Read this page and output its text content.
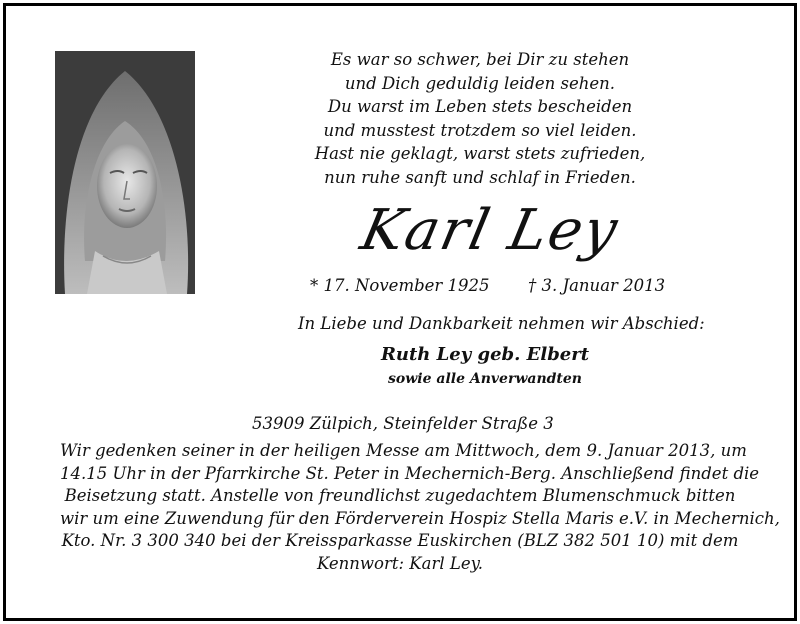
Es war so schwer, bei Dir zu stehen
und Dich geduldig leiden sehen.
Du warst im Leben stets bescheiden
und musstest trotzdem so viel leiden.
Hast nie geklagt, warst stets zufrieden,
nun ruhe sanft und schlaf in Frieden.
Karl Ley
* 17. November 1925 † 3. Januar 2013
In Liebe und Dankbarkeit nehmen wir Abschied:
Ruth Ley geb. Elbert
sowie alle Anverwandten
53909 Zülpich, Steinfelder Straße 3
Wir gedenken seiner in der heiligen Messe am Mittwoch, dem 9. Januar 2013, um
14.15 Uhr in der Pfarrkirche St. Peter in Mechernich-Berg. Anschließend findet die
Beisetzung statt. Anstelle von freundlichst zugedachtem Blumenschmuck bitten
wir um eine Zuwendung für den Förderverein Hospiz Stella Maris e.V. in Mechernich,
Kto. Nr. 3 300 340 bei der Kreissparkasse Euskirchen (BLZ 382 501 10) mit dem
Kennwort: Karl Ley.
